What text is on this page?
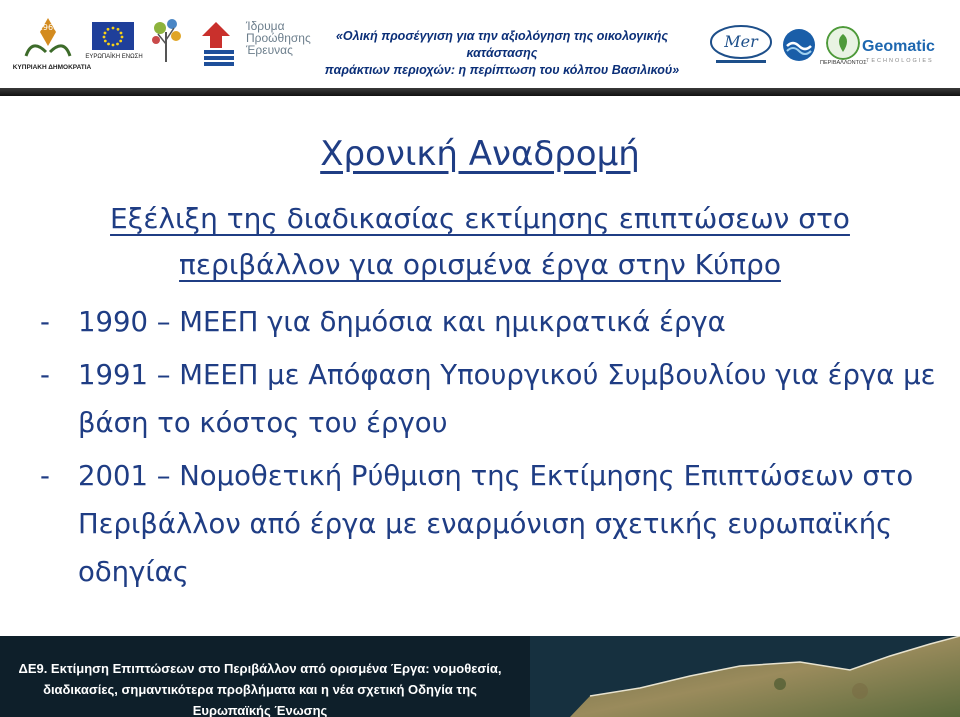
1960
ΚΥΠΡΙΑΚΗ ΔΗΜΟΚΡΑΤΙΑ
ΕΥΡΩΠΑΪΚΗ ΕΝΩΣΗ
Ίδρυμα
Προώθησης
Έρευνας
«Ολική προσέγγιση για την αξιολόγηση της οικολογικής κατάστασης
παράκτιων περιοχών: η περίπτωση του κόλπου Βασιλικού»
Mer
ΠΕΡΙΒΑΛΛΟΝΤΟΣ
Geomatic
TECHNOLOGIES
Χρονική Αναδρομή
Εξέλιξη της διαδικασίας εκτίμησης επιπτώσεων στο
περιβάλλον για ορισμένα έργα στην Κύπρο
- 1990 – ΜΕΕΠ για δημόσια και ημικρατικά έργα
- 1991 – ΜΕΕΠ με Απόφαση Υπουργικού Συμβουλίου για έργα με βάση το κόστος του έργου
- 2001 – Νομοθετική Ρύθμιση της Εκτίμησης Επιπτώσεων στο Περιβάλλον από έργα με εναρμόνιση σχετικής ευρωπαϊκής οδηγίας
ΔΕ9. Εκτίμηση Επιπτώσεων στο Περιβάλλον από ορισμένα Έργα: νομοθεσία,
διαδικασίες, σημαντικότερα προβλήματα και η νέα σχετική Οδηγία της
Ευρωπαϊκής Ένωσης
